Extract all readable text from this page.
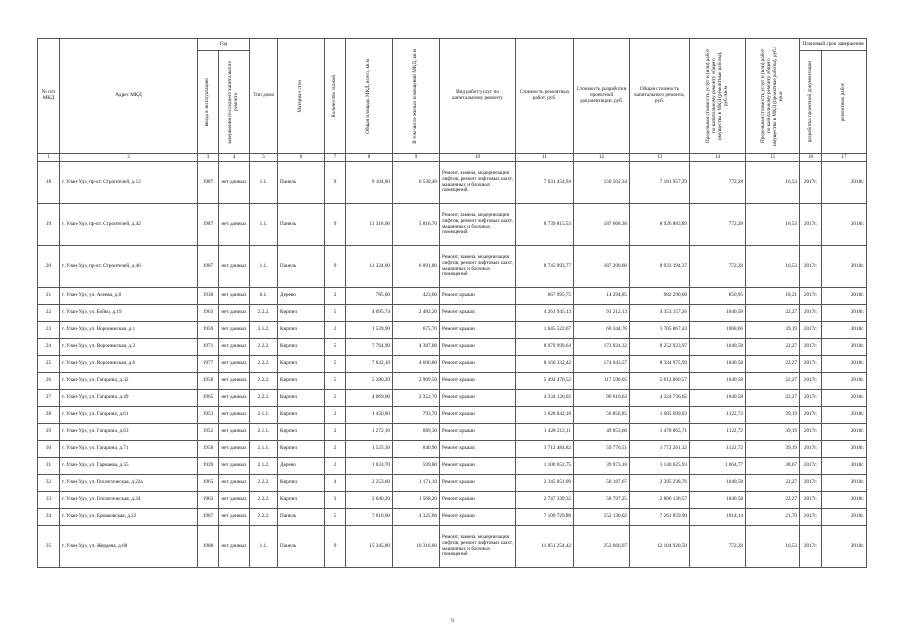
№ п/п МКД	Адрес МКД	Год		Тип дома	Материал стен	Количество этажей	Общая площадь МКД, всего, кв.м	В том числе жилых помещений МКД, кв.м	Вид работ/услуг по капитальному ремонту	Стоимость ремонтных работ, руб.	Стоимость разработки проектной документации, руб.	Общая стоимость капитального ремонта, руб.	Предельная стоимость услуг и (или) работ по капитальному ремонту общего имущества в МКД (ремонтные работы), руб./кв.м	Предельная стоимость услуг и (или) работ по капитальному ремонту общего имущества в МКД (проектные работы), руб./кв.м	Плановый срок завершения	

		ввода в эксплуатацию	завершения последнего капитального ремонта												разработка проектной документации	ремонтных работ

1	2	3	4	5	6	7	8	9	10	11	12	13	14	15	16	17
18	г. Улан-Удэ, пр-кт. Строителей, д.12	1987	нет данных	1.1.	Панель	9	9 104,80	6 530,40	Ремонт, замена, модернизация лифтов, ремонт лифтовых шахт, машинных и блочных помещений	7 031 454,94	150 502,34	7 181 957,29	772,28	16,53	2017г.	2018г.
19	г. Улан-Удэ, пр-кт. Строителей, д.42	1987	нет данных	1.1.	Панель	9	11 316,00	5 816,70	Ремонт, замена, модернизация лифтов, ремонт лифтовых шахт, машинных и блочных помещений	8 739 815,53	187 068,36	8 926 883,89	772,28	16,53	2017г.	2018г.
20	г. Улан-Удэ, пр-кт. Строителей, д.46	1987	нет данных	1.1.	Панель	9	11 324,00	6 091,80	Ремонт, замена, модернизация лифтов, ремонт лифтовых шахт, машинных и блочных помещений	8 745 993,77	187 200,60	8 933 194,37	772,28	16,53	2017г.	2018г.
21	г. Улан-Удэ, ул. Асеева, д.8	1930	нет данных	6.1.	Дерево	2	785,00	423,00	Ремонт крыши	667 995,75	14 294,85	682 290,60	850,95	18,21	2017г.	2018г.
22	г. Улан-Удэ, ул. Бойко, д.19	1963	нет данных	2.2.2.	Кирпич	5	4 095,74	2 482,20	Ремонт крыши	4 261 945,13	91 212,13	4 353 157,26	1040,58	22,27	2017г.	2018г.
23	г. Улан-Удэ, ул. Воронежская, д.1	1959	нет данных	3.1.2.	Кирпич	2	1 539,90	675,70	Ремонт крыши	1 645 522,67	60 344,76	1 705 867,43	1068,66	39,19	2017г.	2018г.
24	г. Улан-Удэ, ул. Воронежская, д.2	1971	нет данных	2.2.2.	Кирпич	5	7 764,90	4 387,00	Ремонт крыши	8 079 999,64	172 924,32	8 252 923,97	1040,58	22,27	2017г.	2018г.
25	г. Улан-Удэ, ул. Воронежская, д.6	1977	нет данных	2.2.2.	Кирпич	5	7 842,10	4 606,80	Ремонт крыши	8 160 332,42	174 643,57	8 334 975,99	1040,58	22,27	2017г.	2018г.
26	г. Улан-Удэ, ул. Гагарина, д.32	1958	нет данных	2.2.2.	Кирпич	5	5 280,20	2 909,50	Ремонт крыши	5 494 470,52	117 590,05	5 612 060,57	1040,58	22,27	2017г.	2018г.
27	г. Улан-Удэ, ул. Гагарина, д.49	1965	нет данных	2.2.2.	Кирпич	5	4 069,00	2 352,70	Ремонт крыши	4 234 120,02	90 616,63	4 324 736,65	1040,58	22,27	2017г.	2018г.
28	г. Улан-Удэ, ул. Гагарина, д.61	1953	нет данных	2.1.1.	Кирпич	2	1 450,80	793,70	Ремонт крыши	1 628 842,18	56 856,85	1 685 699,03	1122,72	39,19	2017г.	2018г.
29	г. Улан-Удэ, ул. Гагарина, д.63	1952	нет данных	2.1.1.	Кирпич	2	1 272,10	689,30	Ремонт крыши	1 428 212,11	49 853,60	1 478 065,71	1122,72	39,19	2017г.	2018г.
30	г. Улан-Удэ, ул. Гагарина, д.71	1958	нет данных	2.1.1.	Кирпич	2	1 525,30	840,90	Ремонт крыши	1 712 484,82	59 776,51	1 772 261,32	1122,72	39,19	2017г.	2018г.
31	г. Улан-Удэ, ул. Гармаева, д.55	1939	нет данных	2.1.2.	Дерево	2	1 033,70	599,80	Ремонт крыши	1 100 652,75	39 973,18	1 140 625,93	1 064,77	38,67	2017г.	2018г.
32	г. Улан-Удэ, ул. Геологическая, д.22а	1965	нет данных	2.2.2.	Кирпич	4	2 253,60	1 171,10	Ремонт крыши	2 345 051,09	50 187,67	2 395 238,76	1040,58	22,27	2017г.	2018г.
33	г. Улан-Удэ, ул. Геологическая, д.24	1963	нет данных	2.2.2.	Кирпич	3	2 640,20	1 568,20	Ремонт крыши	2 747 339,32	58 797,25	2 806 136,57	1040,58	22,27	2017г.	2018г.
34	г. Улан-Удэ, ул. Ермаковская, д.22	1987	нет данных	2.2.2.	Панель	5	7 010,60	4 325,60	Ремонт крыши	7 109 729,88	152 130,02	7 261 859,90	1014,14	21,70	2017г.	2018г.
35	г. Улан-Удэ, ул. Жердева, д.68	1988	нет данных	1.1.	Панель	9	15 345,80	10 316,60	Ремонт, замена, модернизация лифтов, ремонт лифтовых шахт, машинных и блочных помещений	11 851 254,42	253 666,07	12 104 920,50	772,28	16,53	2017г.	2018г.
9
